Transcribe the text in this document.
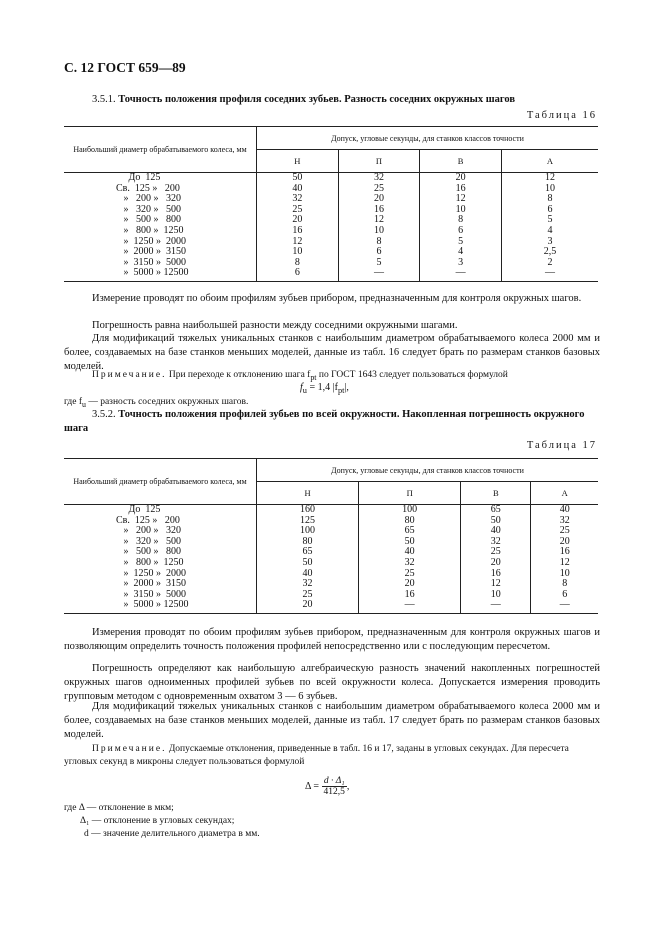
С. 12 ГОСТ 659—89
3.5.1. Точность положения профиля соседних зубьев. Разность соседних окружных шагов
Таблица 16
Наибольший диаметр обрабатываемого колеса, мм	Допуск, угловые секунды, для станков классов точности			
	Н	П	В	А
До  125	50	32	20	12
Св.  125 »   200	40	25	16	10
»   200 »   320	32	20	12	8
»   320 »   500	25	16	10	6
»   500 »   800	20	12	8	5
»   800 »  1250	16	10	6	4
»  1250 »  2000	12	8	5	3
»  2000 »  3150	10	6	4	2,5
»  3150 »  5000	8	5	3	2
»  5000 » 12500	6	—	—	—
Измерение проводят по обоим профилям зубьев прибором, предназначенным для контроля окружных шагов.
Погрешность равна наибольшей разности между соседними окружными шагами.
Для модификаций тяжелых уникальных станков с наибольшим диаметром обрабатываемого колеса 2000 мм и более, создаваемых на базе станков меньших моделей, данные из табл. 16 следует брать по размерам станков базовых моделей.
Примечание. При переходе к отклонению шага $f_{pt}$ по ГОСТ 1643 следует пользоваться формулой
$f_u = 1,4$ $|f_{pt}|$,
где $f_u$ — разность соседних окружных шагов.
3.5.2. Точность положения профилей зубьев по всей окружности. Накопленная погрешность окружного шага
Таблица 17
Наибольший диаметр обрабатываемого колеса, мм	Допуск, угловые секунды, для станков классов точности			
	Н	П	В	А
До  125	160	100	65	40
Св.  125 »   200	125	80	50	32
»   200 »   320	100	65	40	25
»   320 »   500	80	50	32	20
»   500 »   800	65	40	25	16
»   800 »  1250	50	32	20	12
»  1250 »  2000	40	25	16	10
»  2000 »  3150	32	20	12	8
»  3150 »  5000	25	16	10	6
»  5000 » 12500	20	—	—	—
Измерения проводят по обоим профилям зубьев прибором, предназначенным для контроля окружных шагов и позволяющим определить точность положения профилей непосредственно или с последующим пересчетом.
Погрешность определяют как наибольшую алгебраическую разность значений накопленных погрешностей окружных шагов одноименных профилей зубьев по всей окружности колеса. Допускается измерения проводить групповым методом с одновременным охватом 3 — 6 зубьев.
Для модификаций тяжелых уникальных станков с наибольшим диаметром обрабатываемого колеса 2000 мм и более, создаваемых на базе станков меньших моделей, данные из табл. 17 следует брать по размерам станков базовых моделей.
Примечание. Допускаемые отклонения, приведенные в табл. 16 и 17, заданы в угловых секундах. Для пересчета угловых секунд в микроны следует пользоваться формулой
$\Delta = \frac{\text{d · Δ₁}}{412,5}$ ,
где Δ — отклонение в мкм;
Δ₁ — отклонение в угловых секундах;
d — значение делительного диаметра в мм.
